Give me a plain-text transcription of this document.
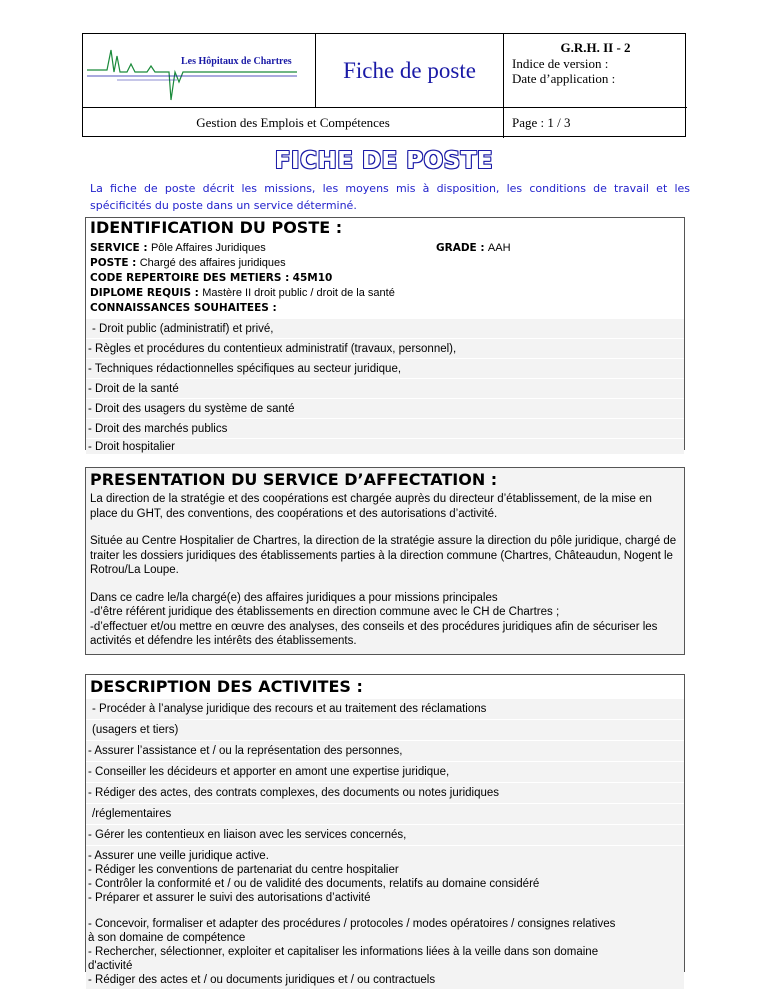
Les Hôpitaux de Chartres Fiche de poste
G.R.H. II - 2
Indice de version :
Date d’application :
Gestion des Emplois et Compétences	Page : 1 / 3
FICHE DE POSTE
La fiche de poste décrit les missions, les moyens mis à disposition, les conditions de travail et les spécificités du poste dans un service déterminé.
IDENTIFICATION DU POSTE :
SERVICE : Pôle Affaires Juridiques	GRADE : AAH
POSTE : Chargé des affaires juridiques
CODE REPERTOIRE DES METIERS : 45M10
DIPLOME REQUIS : Mastère II droit public / droit de la santé
CONNAISSANCES SOUHAITEES :
- Droit public (administratif) et privé,
- Règles et procédures du contentieux administratif (travaux, personnel),
- Techniques rédactionnelles spécifiques au secteur juridique,
- Droit de la santé
- Droit des usagers du système de santé
- Droit des marchés publics
- Droit hospitalier
PRESENTATION DU SERVICE D’AFFECTATION :
La direction de la stratégie et des coopérations est chargée auprès du directeur d’établissement, de la mise en place du GHT, des conventions, des coopérations et des autorisations d’activité.
Située au Centre Hospitalier de Chartres, la direction de la stratégie assure la direction du pôle juridique, chargé de traiter les dossiers juridiques des établissements parties à la direction commune (Chartres, Châteaudun, Nogent le Rotrou/La Loupe.
Dans ce cadre le/la chargé(e) des affaires juridiques a pour missions principales
-d’être référent juridique des établissements en direction commune avec le CH de Chartres ;
-d’effectuer et/ou mettre en œuvre des analyses, des conseils et des procédures juridiques afin de sécuriser les activités et défendre les intérêts des établissements.
DESCRIPTION DES ACTIVITES :
- Procéder à l’analyse juridique des recours et au traitement des réclamations
(usagers et tiers)
- Assurer l’assistance et / ou la représentation des personnes,
- Conseiller les décideurs et apporter en amont une expertise juridique,
- Rédiger des actes, des contrats complexes, des documents ou notes juridiques
/réglementaires
- Gérer les contentieux en liaison avec les services concernés,
- Assurer une veille juridique active.
- Rédiger les conventions de partenariat du centre hospitalier
- Contrôler la conformité et / ou de validité des documents, relatifs au domaine considéré
- Préparer et assurer le suivi des autorisations d’activité
- Concevoir, formaliser et adapter des procédures / protocoles / modes opératoires / consignes relatives à son domaine de compétence
- Rechercher, sélectionner, exploiter et capitaliser les informations liées à la veille dans son domaine d'activité
- Rédiger des actes et / ou documents juridiques et / ou contractuels
